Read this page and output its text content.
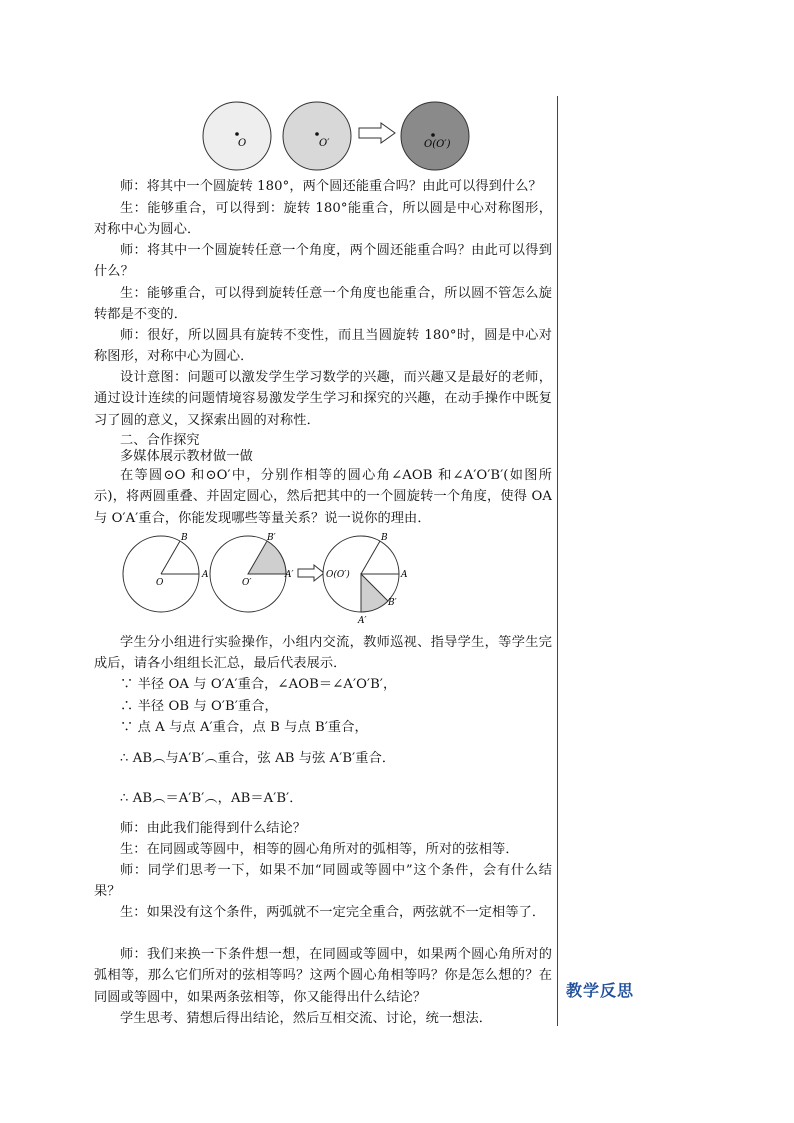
O	O′	O(O′)
师：将其中一个圆旋转 180°，两个圆还能重合吗？由此可以得到什么？
生：能够重合，可以得到：旋转 180°能重合，所以圆是中心对称图形，对称中心为圆心．
师：将其中一个圆旋转任意一个角度，两个圆还能重合吗？由此可以得到什么？
生：能够重合，可以得到旋转任意一个角度也能重合，所以圆不管怎么旋转都是不变的．
师：很好，所以圆具有旋转不变性，而且当圆旋转 180°时，圆是中心对称图形，对称中心为圆心．
设计意图：问题可以激发学生学习数学的兴趣，而兴趣又是最好的老师，通过设计连续的问题情境容易激发学生学习和探究的兴趣，在动手操作中既复习了圆的意义，又探索出圆的对称性．
二、合作探究
多媒体展示教材做一做
在等圆⊙O 和⊙O′中，分别作相等的圆心角∠AOB 和∠A′O′B′(如图所示)，将两圆重叠、并固定圆心，然后把其中的一个圆旋转一个角度，使得 OA 与 O′A′重合，你能发现哪些等量关系？说一说你的理由．
学生分小组进行实验操作，小组内交流，教师巡视、指导学生，等学生完成后，请各小组组长汇总，最后代表展示．
∵ 半径 OA 与 O′A′重合，∠AOB＝∠A′O′B′，
∴ 半径 OB 与 O′B′重合，
∵ 点 A 与点 A′重合，点 B 与点 B′重合，
∴ AB︵与A′B′︵重合，弦 AB 与弦 A′B′重合．
∴ AB︵＝A′B′︵，AB＝A′B′．
师：由此我们能得到什么结论？
生：在同圆或等圆中，相等的圆心角所对的弧相等，所对的弦相等．
师：同学们思考一下，如果不加“同圆或等圆中”这个条件，会有什么结果？
生：如果没有这个条件，两弧就不一定完全重合，两弦就不一定相等了．
师：我们来换一下条件想一想，在同圆或等圆中，如果两个圆心角所对的弧相等，那么它们所对的弦相等吗？这两个圆心角相等吗？你是怎么想的？在同圆或等圆中，如果两条弦相等，你又能得出什么结论？
学生思考、猜想后得出结论，然后互相交流、讨论，统一想法．
B
A
O
B′
A′
O′
B
A
O(O′)
B′
A′
教学反思
